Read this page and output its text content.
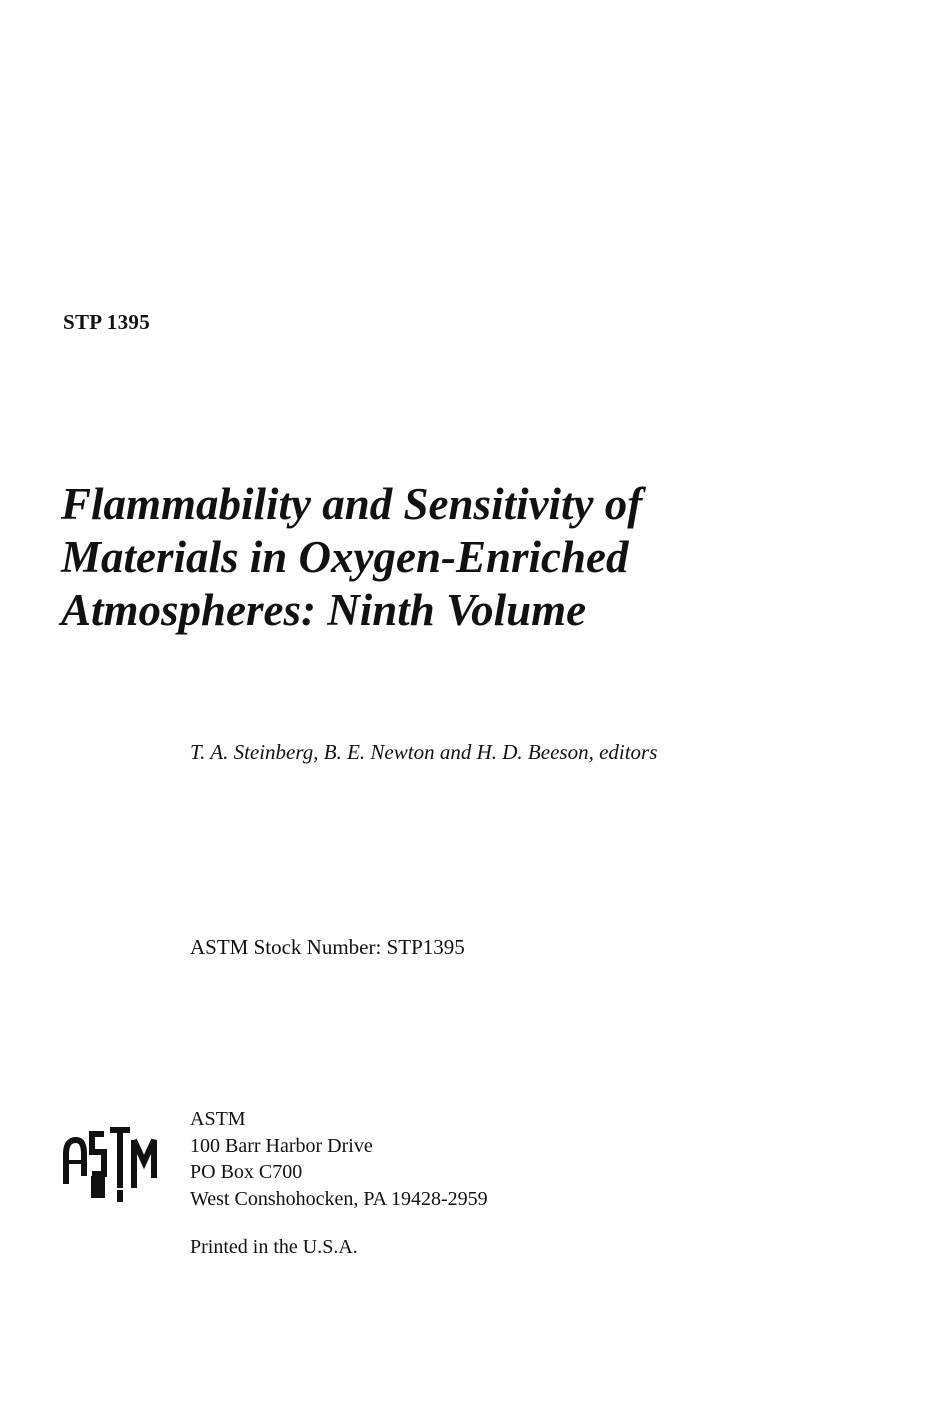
STP 1395
Flammability and Sensitivity of
Materials in Oxygen-Enriched
Atmospheres: Ninth Volume
T. A. Steinberg, B. E. Newton and H. D. Beeson, editors
ASTM Stock Number: STP1395
ASTM
100 Barr Harbor Drive
PO Box C700
West Conshohocken, PA 19428-2959
Printed in the U.S.A.
